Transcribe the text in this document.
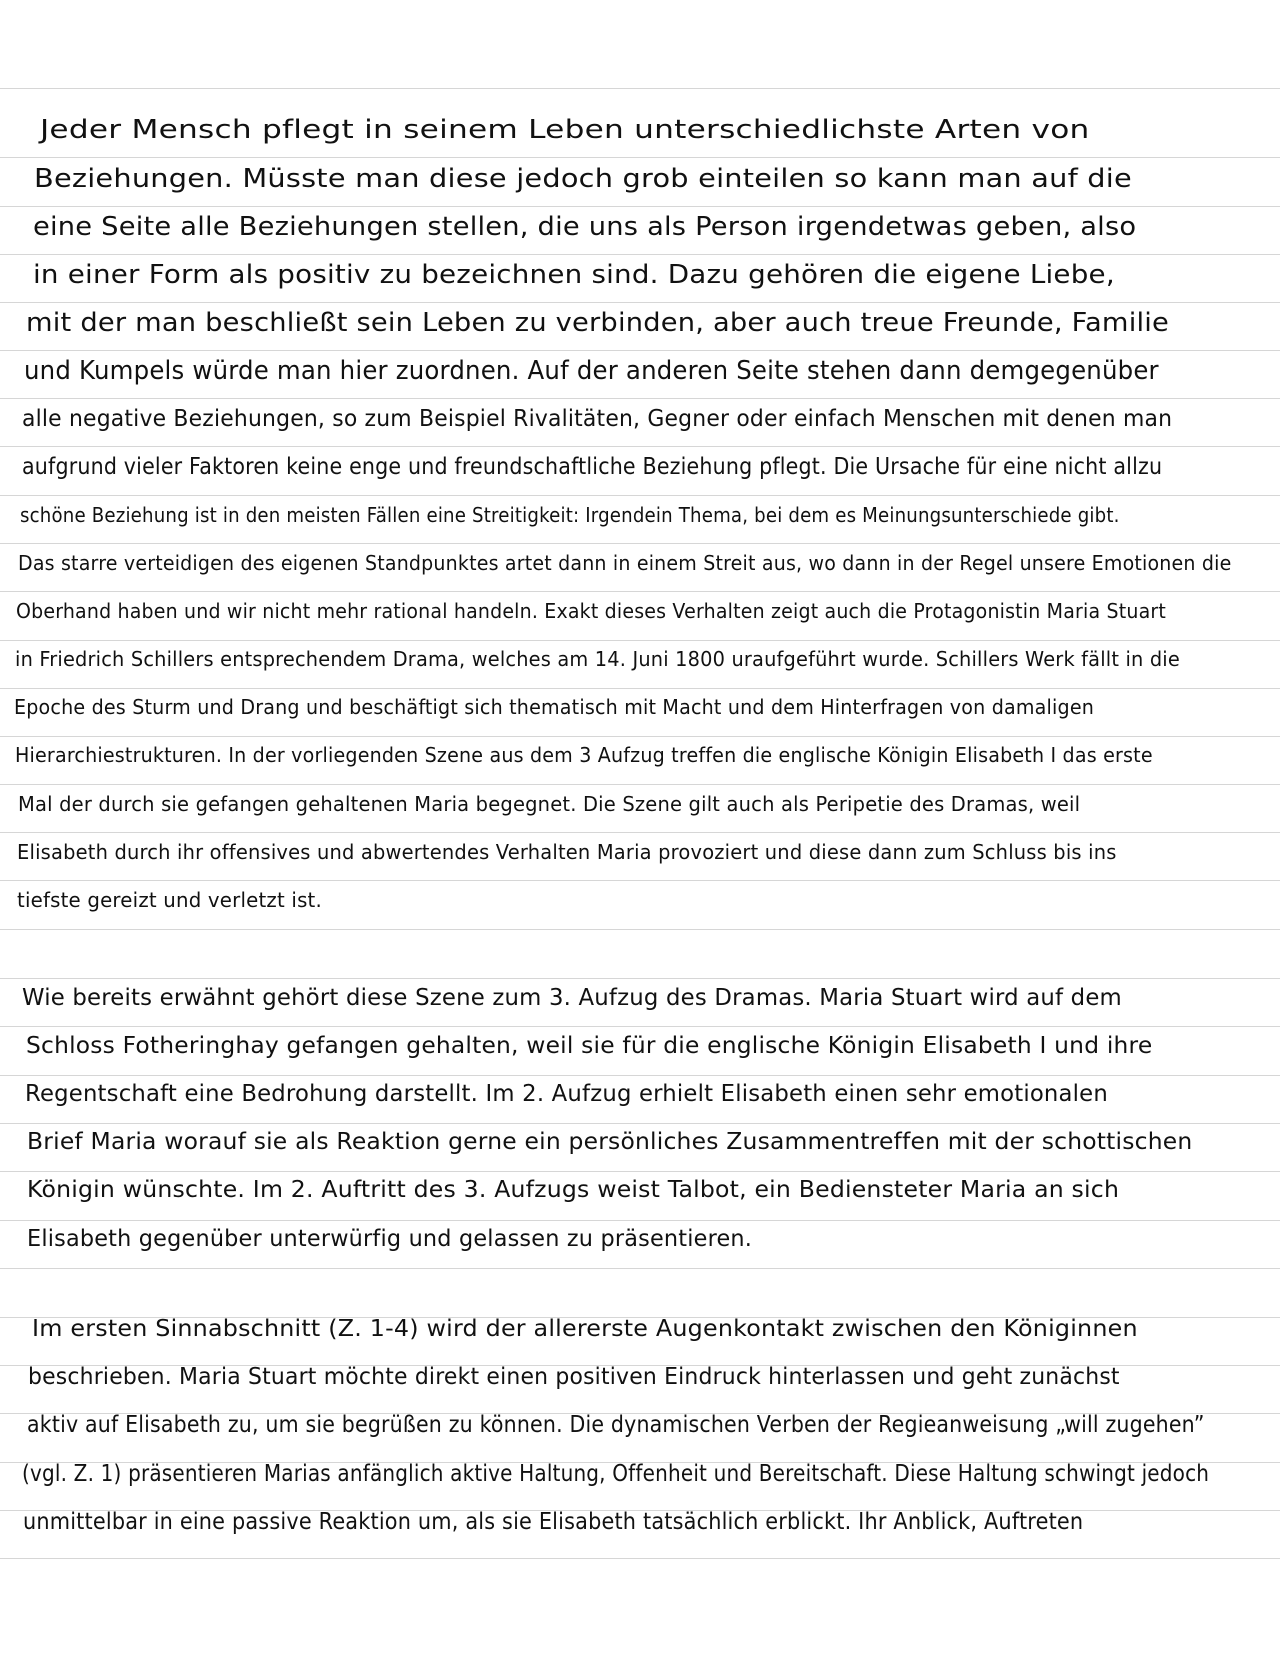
Jeder Mensch pflegt in seinem Leben unterschiedlichste Arten von
Beziehungen. Müsste man diese jedoch grob einteilen so kann man auf die
eine Seite alle Beziehungen stellen, die uns als Person irgendetwas geben, also
in einer Form als positiv zu bezeichnen sind. Dazu gehören die eigene Liebe,
mit der man beschließt sein Leben zu verbinden, aber auch treue Freunde, Familie
und Kumpels würde man hier zuordnen. Auf der anderen Seite stehen dann demgegenüber
alle negative Beziehungen, so zum Beispiel Rivalitäten, Gegner oder einfach Menschen mit denen man
aufgrund vieler Faktoren keine enge und freundschaftliche Beziehung pflegt. Die Ursache für eine nicht allzu
schöne Beziehung ist in den meisten Fällen eine Streitigkeit: Irgendein Thema, bei dem es Meinungsunterschiede gibt.
Das starre verteidigen des eigenen Standpunktes artet dann in einem Streit aus, wo dann in der Regel unsere Emotionen die
Oberhand haben und wir nicht mehr rational handeln. Exakt dieses Verhalten zeigt auch die Protagonistin Maria Stuart
in Friedrich Schillers entsprechendem Drama, welches am 14. Juni 1800 uraufgeführt wurde. Schillers Werk fällt in die
Epoche des Sturm und Drang und beschäftigt sich thematisch mit Macht und dem Hinterfragen von damaligen
Hierarchiestrukturen. In der vorliegenden Szene aus dem 3 Aufzug treffen die englische Königin Elisabeth I das erste
Mal der durch sie gefangen gehaltenen Maria begegnet. Die Szene gilt auch als Peripetie des Dramas, weil
Elisabeth durch ihr offensives und abwertendes Verhalten Maria provoziert und diese dann zum Schluss bis ins
tiefste gereizt und verletzt ist.
Wie bereits erwähnt gehört diese Szene zum 3. Aufzug des Dramas. Maria Stuart wird auf dem
Schloss Fotheringhay gefangen gehalten, weil sie für die englische Königin Elisabeth I und ihre
Regentschaft eine Bedrohung darstellt. Im 2. Aufzug erhielt Elisabeth einen sehr emotionalen
Brief Maria worauf sie als Reaktion gerne ein persönliches Zusammentreffen mit der schottischen
Königin wünschte. Im 2. Auftritt des 3. Aufzugs weist Talbot, ein Bediensteter Maria an sich
Elisabeth gegenüber unterwürfig und gelassen zu präsentieren.
Im ersten Sinnabschnitt (Z. 1-4) wird der allererste Augenkontakt zwischen den Königinnen
beschrieben. Maria Stuart möchte direkt einen positiven Eindruck hinterlassen und geht zunächst
aktiv auf Elisabeth zu, um sie begrüßen zu können. Die dynamischen Verben der Regieanweisung „will zugehen”
(vgl. Z. 1) präsentieren Marias anfänglich aktive Haltung, Offenheit und Bereitschaft. Diese Haltung schwingt jedoch
unmittelbar in eine passive Reaktion um, als sie Elisabeth tatsächlich erblickt. Ihr Anblick, Auftreten
